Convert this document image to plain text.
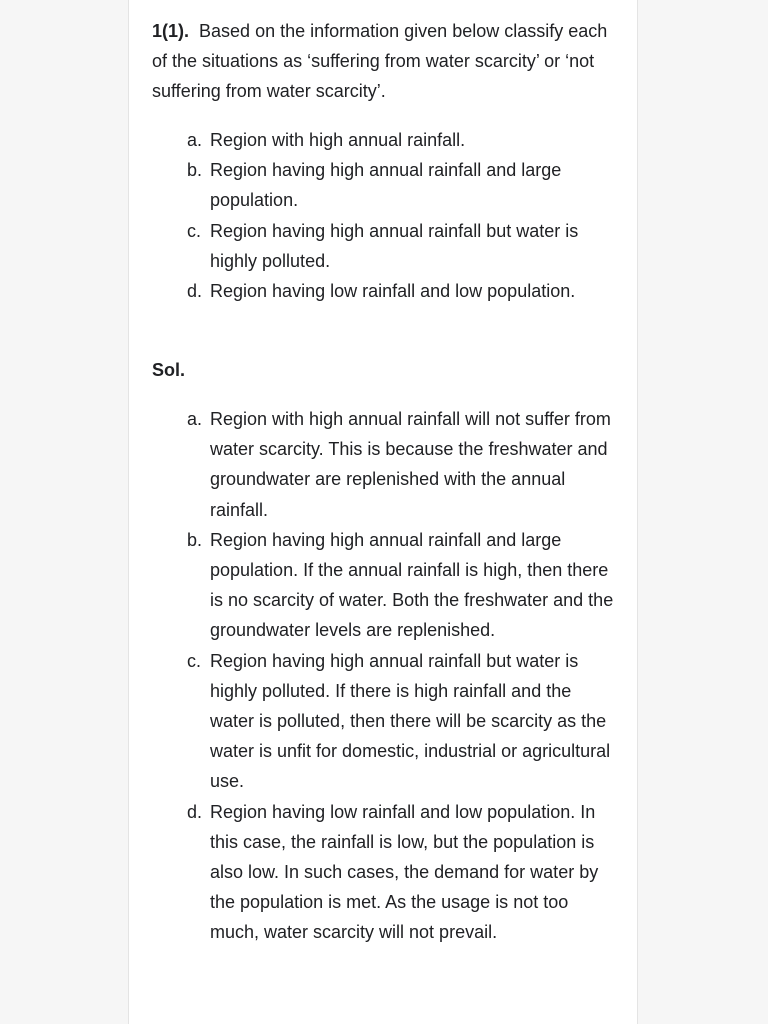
1(1). Based on the information given below classify each of the situations as ‘suffering from water scarcity’ or ‘not suffering from water scarcity’.

a. Region with high annual rainfall.
b. Region having high annual rainfall and large population.
c. Region having high annual rainfall but water is highly polluted.
d. Region having low rainfall and low population.

Sol.

a. Region with high annual rainfall will not suffer from water scarcity. This is because the freshwater and groundwater are replenished with the annual rainfall.
b. Region having high annual rainfall and large population. If the annual rainfall is high, then there is no scarcity of water. Both the freshwater and the groundwater levels are replenished.
c. Region having high annual rainfall but water is highly polluted. If there is high rainfall and the water is polluted, then there will be scarcity as the water is unfit for domestic, industrial or agricultural use.
d. Region having low rainfall and low population. In this case, the rainfall is low, but the population is also low. In such cases, the demand for water by the population is met. As the usage is not too much, water scarcity will not prevail.
